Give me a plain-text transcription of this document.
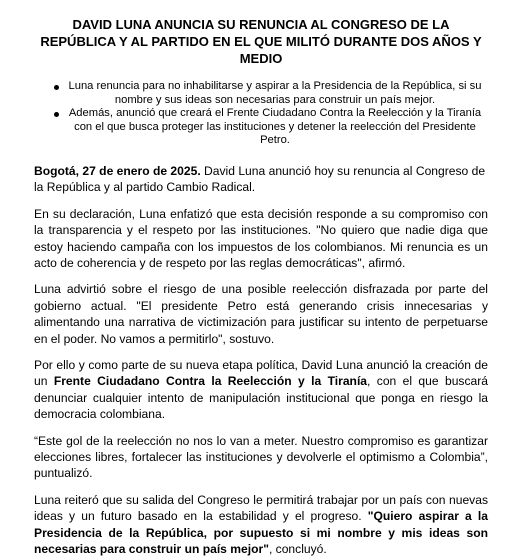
DAVID LUNA ANUNCIA SU RENUNCIA AL CONGRESO DE LA REPÚBLICA Y AL PARTIDO EN EL QUE MILITÓ DURANTE DOS AÑOS Y MEDIO
Luna renuncia para no inhabilitarse y aspirar a la Presidencia de la República, si su nombre y sus ideas son necesarias para construir un país mejor.
Además, anunció que creará el Frente Ciudadano Contra la Reelección y la Tiranía con el que busca proteger las instituciones y detener la reelección del Presidente Petro.

Bogotá, 27 de enero de 2025. David Luna anunció hoy su renuncia al Congreso de la República y al partido Cambio Radical.

En su declaración, Luna enfatizó que esta decisión responde a su compromiso con la transparencia y el respeto por las instituciones. "No quiero que nadie diga que estoy haciendo campaña con los impuestos de los colombianos. Mi renuncia es un acto de coherencia y de respeto por las reglas democráticas", afirmó.

Luna advirtió sobre el riesgo de una posible reelección disfrazada por parte del gobierno actual. "El presidente Petro está generando crisis innecesarias y alimentando una narrativa de victimización para justificar su intento de perpetuarse en el poder. No vamos a permitirlo", sostuvo.

Por ello y como parte de su nueva etapa política, David Luna anunció la creación de un Frente Ciudadano Contra la Reelección y la Tiranía, con el que buscará denunciar cualquier intento de manipulación institucional que ponga en riesgo la democracia colombiana.

“Este gol de la reelección no nos lo van a meter. Nuestro compromiso es garantizar elecciones libres, fortalecer las instituciones y devolverle el optimismo a Colombia”, puntualizó.

Luna reiteró que su salida del Congreso le permitirá trabajar por un país con nuevas ideas y un futuro basado en la estabilidad y el progreso. "Quiero aspirar a la Presidencia de la República, por supuesto si mi nombre y mis ideas son necesarias para construir un país mejor", concluyó.
